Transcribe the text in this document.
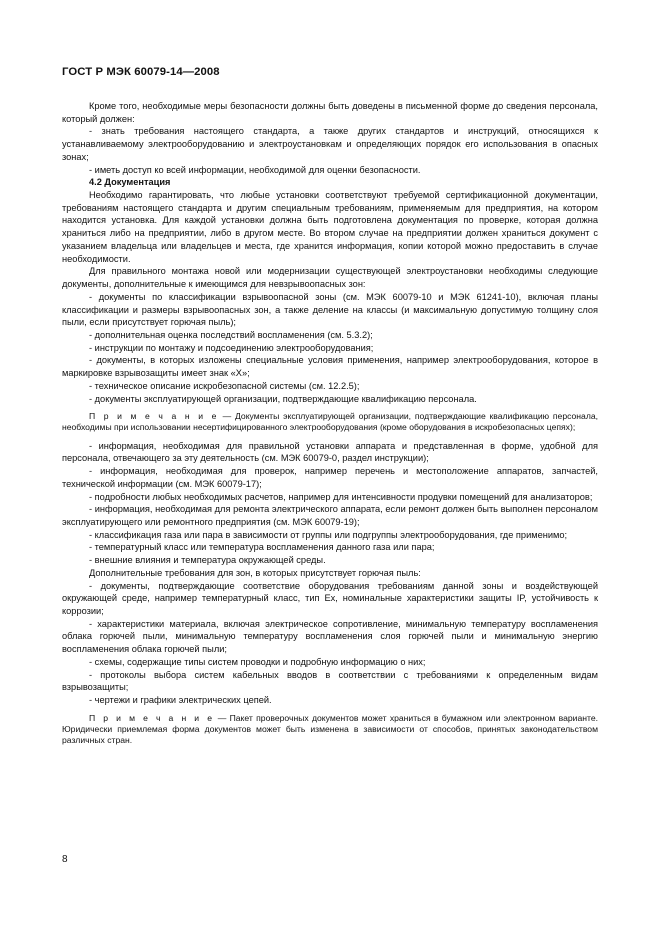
ГОСТ Р МЭК 60079-14—2008

Кроме того, необходимые меры безопасности должны быть доведены в письменной форме до сведения персонала, который должен:

- знать требования настоящего стандарта, а также других стандартов и инструкций, относящихся к устанавливаемому электрооборудованию и электроустановкам и определяющих порядок его использования в опасных зонах;

- иметь доступ ко всей информации, необходимой для оценки безопасности.

4.2 Документация

Необходимо гарантировать, что любые установки соответствуют требуемой сертификационной документации, требованиям настоящего стандарта и другим специальным требованиям, применяемым для предприятия, на котором находится установка. Для каждой установки должна быть подготовлена документация по проверке, которая должна храниться либо на предприятии, либо в другом месте. Во втором случае на предприятии должен храниться документ с указанием владельца или владельцев и места, где хранится информация, копии которой можно предоставить в случае необходимости.

Для правильного монтажа новой или модернизации существующей электроустановки необходимы следующие документы, дополнительные к имеющимся для невзрывоопасных зон:

- документы по классификации взрывоопасной зоны (см. МЭК 60079-10 и МЭК 61241-10), включая планы классификации и размеры взрывоопасных зон, а также деление на классы (и максимальную допустимую толщину слоя пыли, если присутствует горючая пыль);

- дополнительная оценка последствий воспламенения (см. 5.3.2);

- инструкции по монтажу и подсоединению электрооборудования;

- документы, в которых изложены специальные условия применения, например электрооборудования, которое в маркировке взрывозащиты имеет знак «X»;

- техническое описание искробезопасной системы (см. 12.2.5);

- документы эксплуатирующей организации, подтверждающие квалификацию персонала.

П р и м е ч а н и е — Документы эксплуатирующей организации, подтверждающие квалификацию персонала, необходимы при использовании несертифицированного электрооборудования (кроме оборудования в искробезопасных цепях);

- информация, необходимая для правильной установки аппарата и представленная в форме, удобной для персонала, отвечающего за эту деятельность (см. МЭК 60079-0, раздел инструкции);

- информация, необходимая для проверок, например перечень и местоположение аппаратов, запчастей, технической информации (см. МЭК 60079-17);

- подробности любых необходимых расчетов, например для интенсивности продувки помещений для анализаторов;

- информация, необходимая для ремонта электрического аппарата, если ремонт должен быть выполнен персоналом эксплуатирующего или ремонтного предприятия (см. МЭК 60079-19);

- классификация газа или пара в зависимости от группы или подгруппы электрооборудования, где применимо;

- температурный класс или температура воспламенения данного газа или пара;

- внешние влияния и температура окружающей среды.

Дополнительные требования для зон, в которых присутствует горючая пыль:

- документы, подтверждающие соответствие оборудования требованиям данной зоны и воздействующей окружающей среде, например температурный класс, тип Ex, номинальные характеристики защиты IP, устойчивость к коррозии;

- характеристики материала, включая электрическое сопротивление, минимальную температуру воспламенения облака горючей пыли, минимальную температуру воспламенения слоя горючей пыли и минимальную энергию воспламенения облака горючей пыли;

- схемы, содержащие типы систем проводки и подробную информацию о них;

- протоколы выбора систем кабельных вводов в соответствии с требованиями к определенным видам взрывозащиты;

- чертежи и графики электрических цепей.

П р и м е ч а н и е — Пакет проверочных документов может храниться в бумажном или электронном варианте. Юридически приемлемая форма документов может быть изменена в зависимости от способов, принятых законодательством различных стран.

8
